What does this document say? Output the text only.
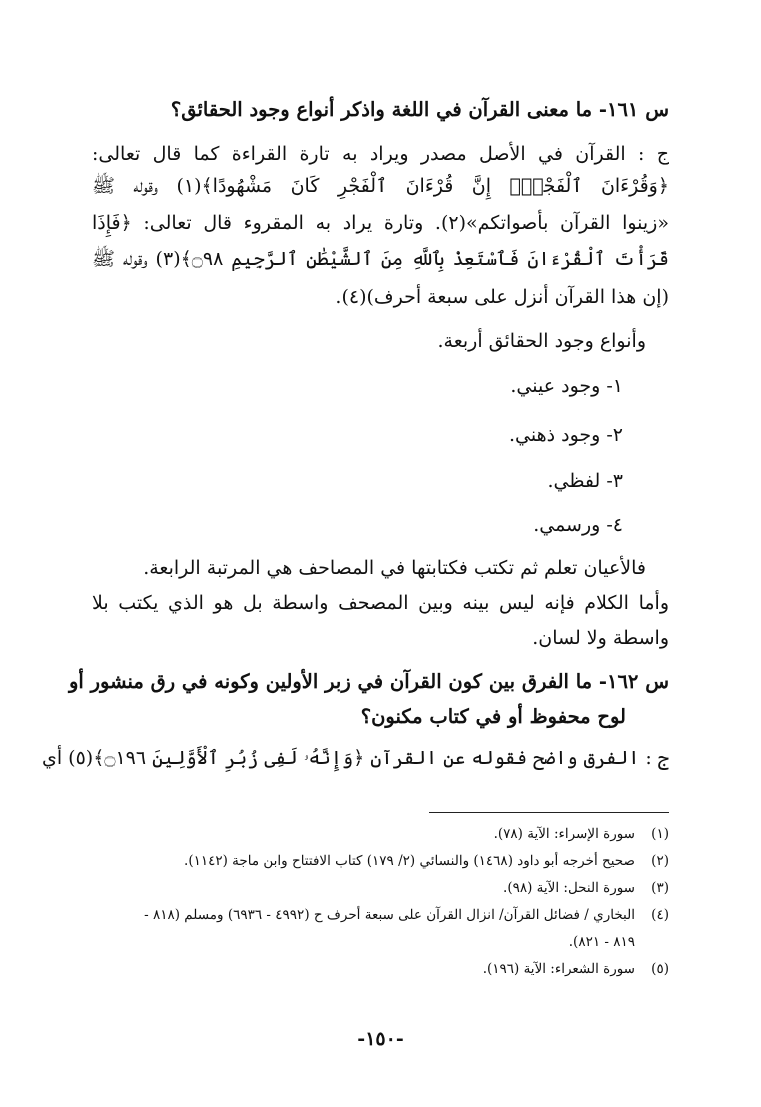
س ١٦١- ما معنى القرآن في اللغة واذكر أنواع وجود الحقائق؟
ج : القرآن في الأصل مصدر ويراد به تارة القراءة كما قال تعالى:
﴿وَقُرْءَانَ ٱلْفَجْرِۖ إِنَّ قُرْءَانَ ٱلْفَجْرِ كَانَ مَشْهُودًا﴾(١) وقوله ﷺ
«زينوا القرآن بأصواتكم»(٢). وتارة يراد به المقروء قال تعالى: ﴿فَإِذَا
قَرَأْتَ ٱلْقُرْءَانَ فَٱسْتَعِذْ بِٱللَّهِ مِنَ ٱلشَّيْطَٰنِ ٱلرَّجِيمِ ۝٩٨﴾(٣) وقوله ﷺ
(إن هذا القرآن أنزل على سبعة أحرف)(٤).
وأنواع وجود الحقائق أربعة.
١- وجود عيني.
٢- وجود ذهني.
٣- لفظي.
٤- ورسمي.
فالأعيان تعلم ثم تكتب فكتابتها في المصاحف هي المرتبة الرابعة.
وأما الكلام فإنه ليس بينه وبين المصحف واسطة بل هو الذي يكتب بلا
واسطة ولا لسان.
س ١٦٢- ما الفرق بين كون القرآن في زبر الأولين وكونه في رق منشور أو
لوح محفوظ أو في كتاب مكنون؟
ج : الفرق واضح فقوله عن القرآن ﴿وَإِنَّهُۥ لَفِى زُبُرِ ٱلْأَوَّلِينَ ۝١٩٦﴾(٥) أي
(١)سورة الإسراء: الآية (٧٨).
(٢)صحيح أخرجه أبو داود (١٤٦٨) والنسائي (٢/ ١٧٩) كتاب الافتتاح وابن ماجة (١١٤٢).
(٣)سورة النحل: الآية (٩٨).
(٤)البخاري / فضائل القرآن/ انزال القرآن على سبعة أحرف ح (٤٩٩٢ - ٦٩٣٦) ومسلم (٨١٨ -
٨١٩ - ٨٢١).
(٥)سورة الشعراء: الآية (١٩٦).
-١٥٠-
